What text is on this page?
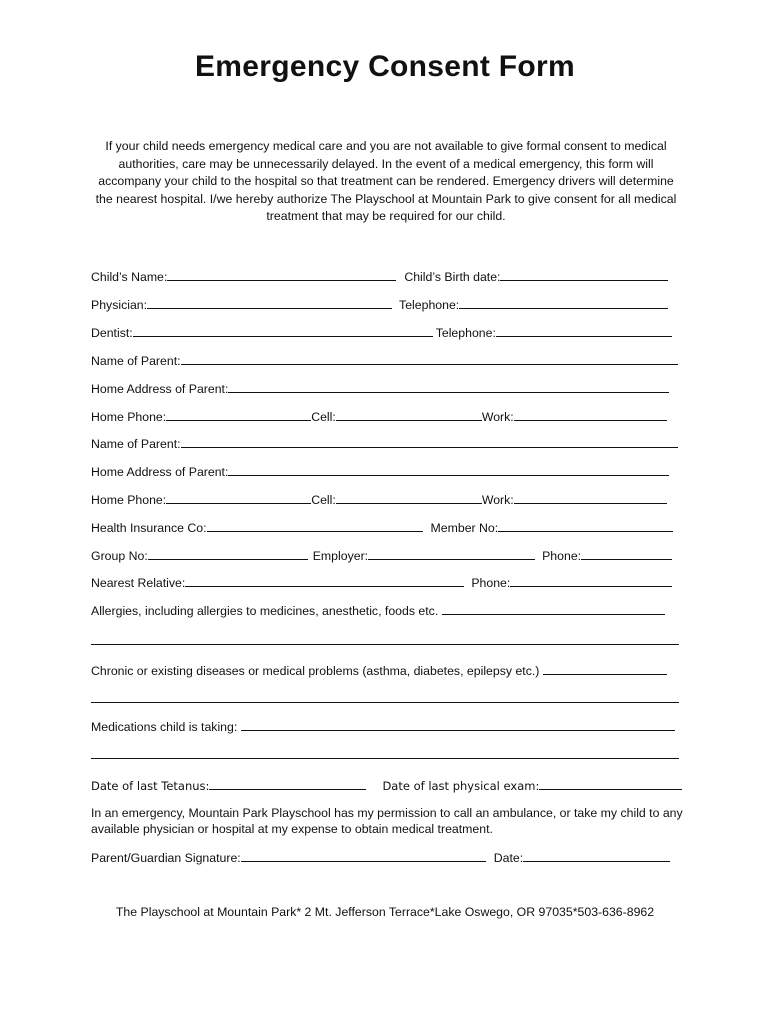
Emergency Consent Form
If your child needs emergency medical care and you are not available to give formal consent to medical authorities, care may be unnecessarily delayed. In the event of a medical emergency, this form will accompany your child to the hospital so that treatment can be rendered. Emergency drivers will determine the nearest hospital. I/we hereby authorize The Playschool at Mountain Park to give consent for all medical treatment that may be required for our child.
Child’s Name:	Child’s Birth date:
Physician:	Telephone:
Dentist:	Telephone:
Name of Parent:
Home Address of Parent:
Home Phone:	Cell:	Work:
Name of Parent:
Home Address of Parent:
Home Phone:	Cell:	Work:
Health Insurance Co:	Member No:
Group No:	Employer:	Phone:
Nearest Relative:	Phone:
Allergies, including allergies to medicines, anesthetic, foods etc.
Chronic or existing diseases or medical problems (asthma, diabetes, epilepsy etc.)
Medications child is taking:
Date of last Tetanus:	Date of last physical exam:
In an emergency, Mountain Park Playschool has my permission to call an ambulance, or take my child to any available physician or hospital at my expense to obtain medical treatment.
Parent/Guardian Signature:	Date:
The Playschool at Mountain Park* 2 Mt. Jefferson Terrace*Lake Oswego, OR 97035*503-636-8962
